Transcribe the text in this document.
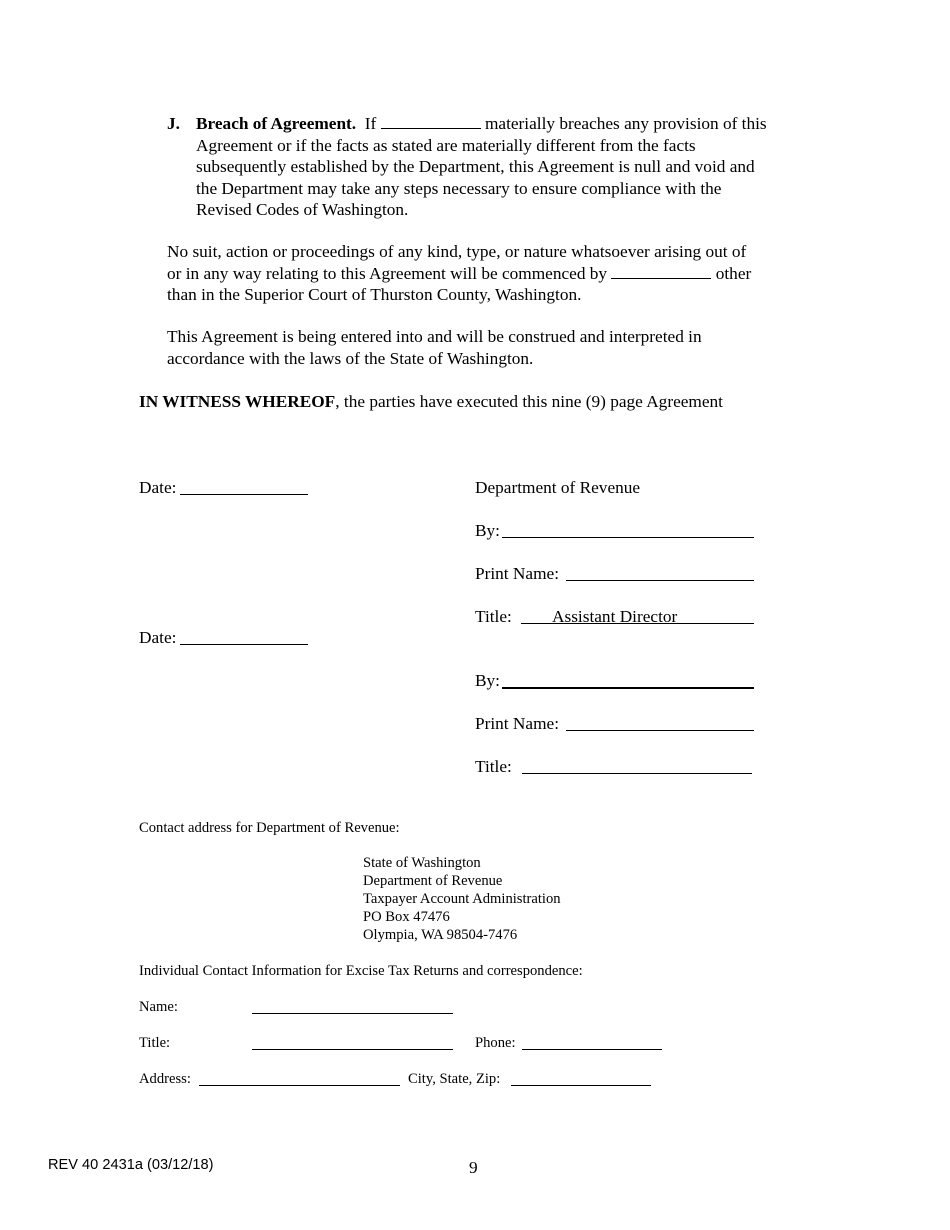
J. Breach of Agreement. If	materially breaches any provision of this
Agreement or if the facts as stated are materially different from the facts
subsequently established by the Department, this Agreement is null and void and
the Department may take any steps necessary to ensure compliance with the
Revised Codes of Washington.
No suit, action or proceedings of any kind, type, or nature whatsoever arising out of
or in any way relating to this Agreement will be commenced by	other
than in the Superior Court of Thurston County, Washington.
This Agreement is being entered into and will be construed and interpreted in
accordance with the laws of the State of Washington.
IN WITNESS WHEREOF, the parties have executed this nine (9) page Agreement
Date:
Date:
Department of Revenue
By:
Print Name:
Title: Assistant Director
By:
Print Name:
Title:
Contact address for Department of Revenue:
State of Washington
Department of Revenue
Taxpayer Account Administration
PO Box 47476
Olympia, WA 98504-7476
Individual Contact Information for Excise Tax Returns and correspondence:
Name:
Title:	Phone:
Address:	City, State, Zip:
REV 40 2431a (03/12/18)	9
